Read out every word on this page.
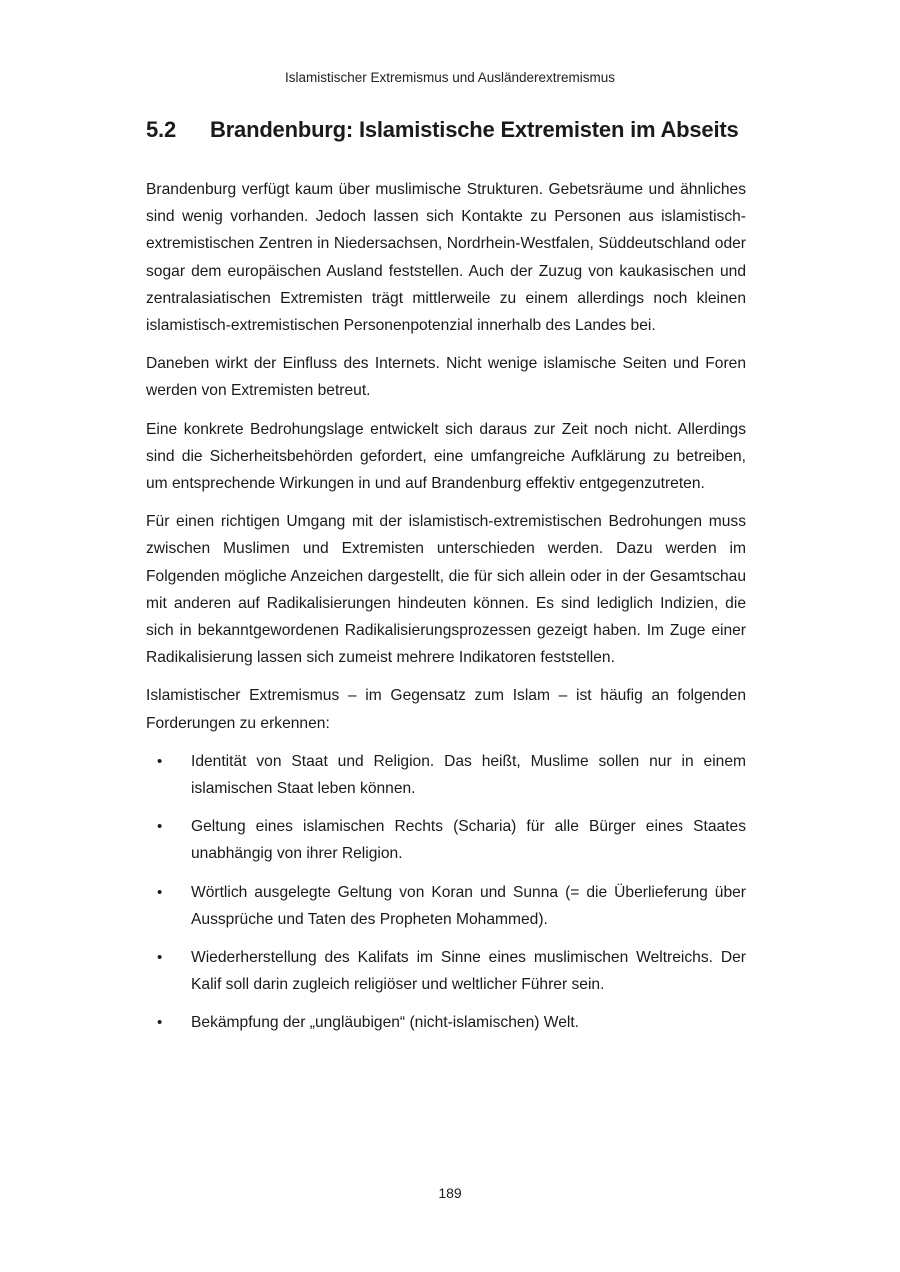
Islamistischer Extremismus und Ausländerextremismus
5.2	Brandenburg: Islamistische Extremisten im Abseits

Brandenburg verfügt kaum über muslimische Strukturen. Gebetsräume und ähnliches sind wenig vorhanden. Jedoch lassen sich Kontakte zu Personen aus islamistisch-extremistischen Zentren in Niedersachsen, Nordrhein-Westfalen, Süddeutschland oder sogar dem europäischen Ausland feststellen. Auch der Zuzug von kaukasischen und zentralasiatischen Extremisten trägt mittlerweile zu einem allerdings noch kleinen islamistisch-extremistischen Personenpotenzial innerhalb des Landes bei.

Daneben wirkt der Einfluss des Internets. Nicht wenige islamische Seiten und Foren werden von Extremisten betreut.

Eine konkrete Bedrohungslage entwickelt sich daraus zur Zeit noch nicht. Allerdings sind die Sicherheitsbehörden gefordert, eine umfangreiche Aufklärung zu betreiben, um entsprechende Wirkungen in und auf Brandenburg effektiv entgegenzutreten.

Für einen richtigen Umgang mit der islamistisch-extremistischen Bedrohungen muss zwischen Muslimen und Extremisten unterschieden werden. Dazu werden im Folgenden mögliche Anzeichen dargestellt, die für sich allein oder in der Gesamtschau mit anderen auf Radikalisierungen hindeuten können. Es sind lediglich Indizien, die sich in bekanntgewordenen Radikalisierungsprozessen gezeigt haben. Im Zuge einer Radikalisierung lassen sich zumeist mehrere Indikatoren feststellen.

Islamistischer Extremismus – im Gegensatz zum Islam – ist häufig an folgenden Forderungen zu erkennen:

• Identität von Staat und Religion. Das heißt, Muslime sollen nur in einem islamischen Staat leben können.
• Geltung eines islamischen Rechts (Scharia) für alle Bürger eines Staates unabhängig von ihrer Religion.
• Wörtlich ausgelegte Geltung von Koran und Sunna (= die Überlieferung über Aussprüche und Taten des Propheten Mohammed).
• Wiederherstellung des Kalifats im Sinne eines muslimischen Weltreichs. Der Kalif soll darin zugleich religiöser und weltlicher Führer sein.
• Bekämpfung der „ungläubigen“ (nicht-islamischen) Welt.
189
